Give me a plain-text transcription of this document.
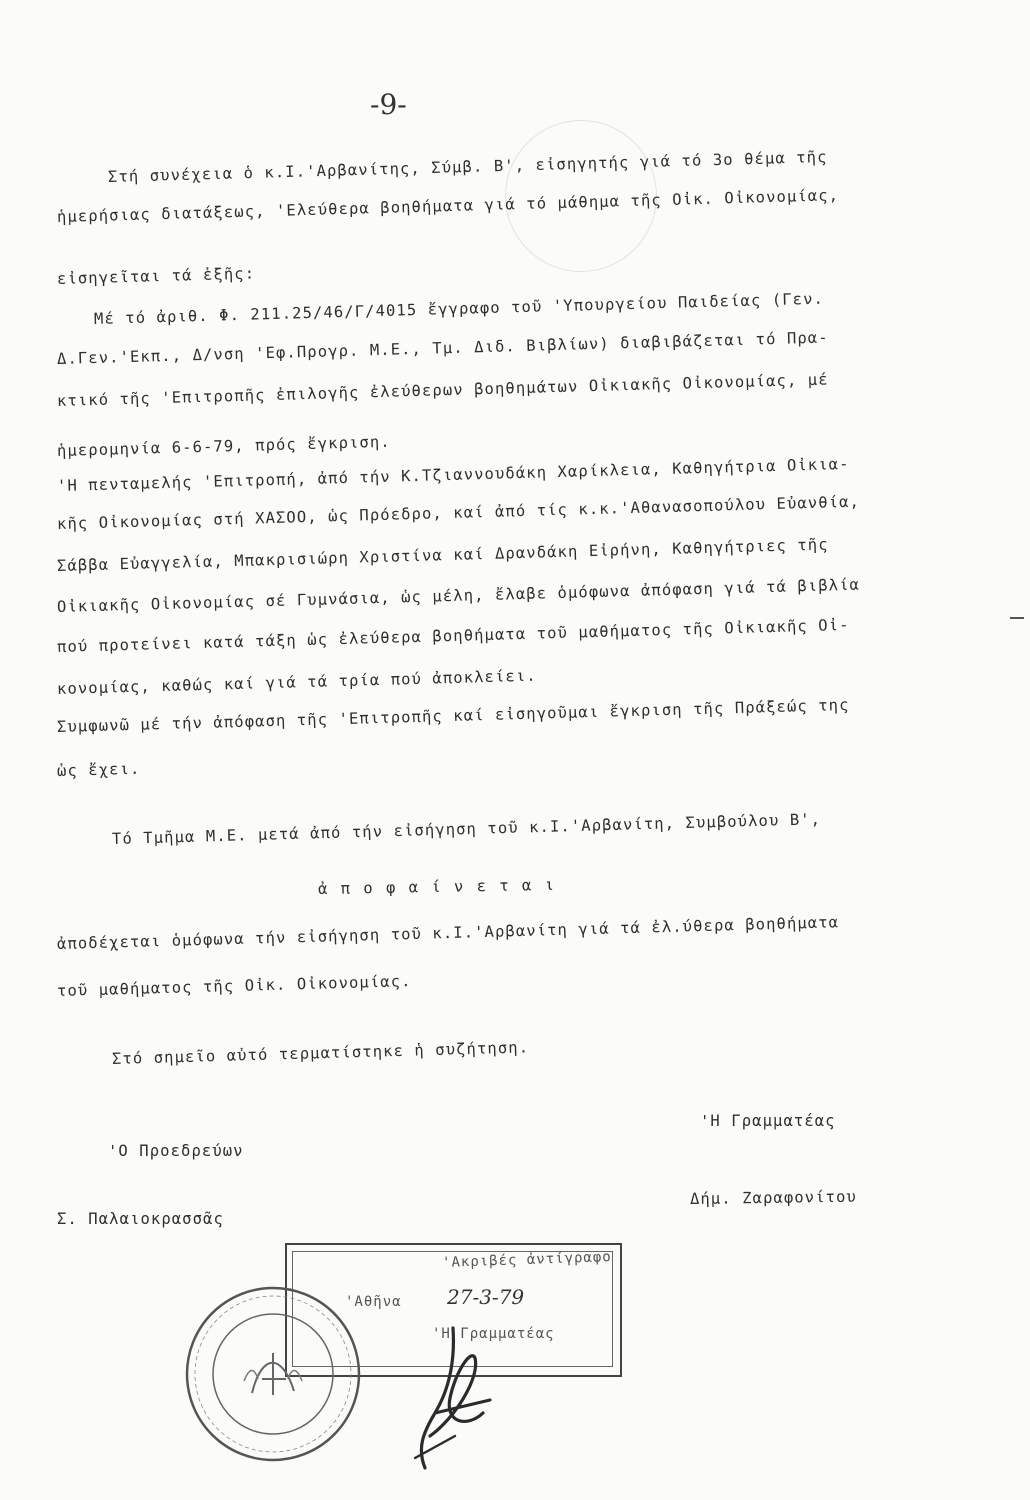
-9-
Στή συνέχεια ὁ κ.Ι.'Αρβανίτης, Σύμβ. Β', εἰσηγητής γιά τό 3ο θέμα τῆς
ἡμερήσιας διατάξεως, 'Ελεύθερα βοηθήματα γιά τό μάθημα τῆς Οἰκ. Οἰκονομίας,
εἰσηγεῖται τά ἑξῆς:
Μέ τό ἀριθ. Φ. 211.25/46/Γ/4015 ἔγγραφο τοῦ 'Υπουργείου Παιδείας (Γεν.
Δ.Γεν.'Εκπ., Δ/νση 'Εφ.Προγρ. Μ.Ε., Τμ. Διδ. Βιβλίων) διαβιβάζεται τό Πρα-
κτικό τῆς 'Επιτροπῆς ἐπιλογῆς ἐλεύθερων βοηθημάτων Οἰκιακῆς Οἰκονομίας, μέ
ἡμερομηνία 6-6-79, πρός ἔγκριση.
'Η πενταμελής 'Επιτροπή, ἀπό τήν Κ.Τζιαννουδάκη Χαρίκλεια, Καθηγήτρια Οἰκια-
κῆς Οἰκονομίας στή ΧΑΣΟΟ, ὡς Πρόεδρο, καί ἀπό τίς κ.κ.'Αθανασοπούλου Εὐανθία,
Σάββα Εὐαγγελία, Μπακρισιώρη Χριστίνα καί Δρανδάκη Εἰρήνη, Καθηγήτριες τῆς
Οἰκιακῆς Οἰκονομίας σέ Γυμνάσια, ὡς μέλη, ἔλαβε ὁμόφωνα ἀπόφαση γιά τά βιβλία
πού προτείνει κατά τάξη ὡς ἐλεύθερα βοηθήματα τοῦ μαθήματος τῆς Οἰκιακῆς Οἰ-
κονομίας, καθώς καί γιά τά τρία πού ἀποκλείει.
Συμφωνῶ μέ τήν ἀπόφαση τῆς 'Επιτροπῆς καί εἰσηγοῦμαι ἔγκριση τῆς Πράξεώς της
ὡς ἔχει.
Τό Τμῆμα Μ.Ε. μετά ἀπό τήν εἰσήγηση τοῦ κ.Ι.'Αρβανίτη, Συμβούλου Β',
ἀ π ο φ α ί ν ε τ α ι
ἀποδέχεται ὁμόφωνα τήν εἰσήγηση τοῦ κ.Ι.'Αρβανίτη γιά τά ἐλ.ύθερα βοηθήματα
τοῦ μαθήματος τῆς Οἰκ. Οἰκονομίας.
Στό σημεῖο αὐτό τερματίστηκε ἡ συζήτηση.
'Η Γραμματέας
'Ο Προεδρεύων
Δήμ. Ζαραφονίτου
Σ. Παλαιοκρασσᾶς
'Ακριβές ἀντίγραφο
'Αθῆνα 27-3-79
'Η Γραμματέας
